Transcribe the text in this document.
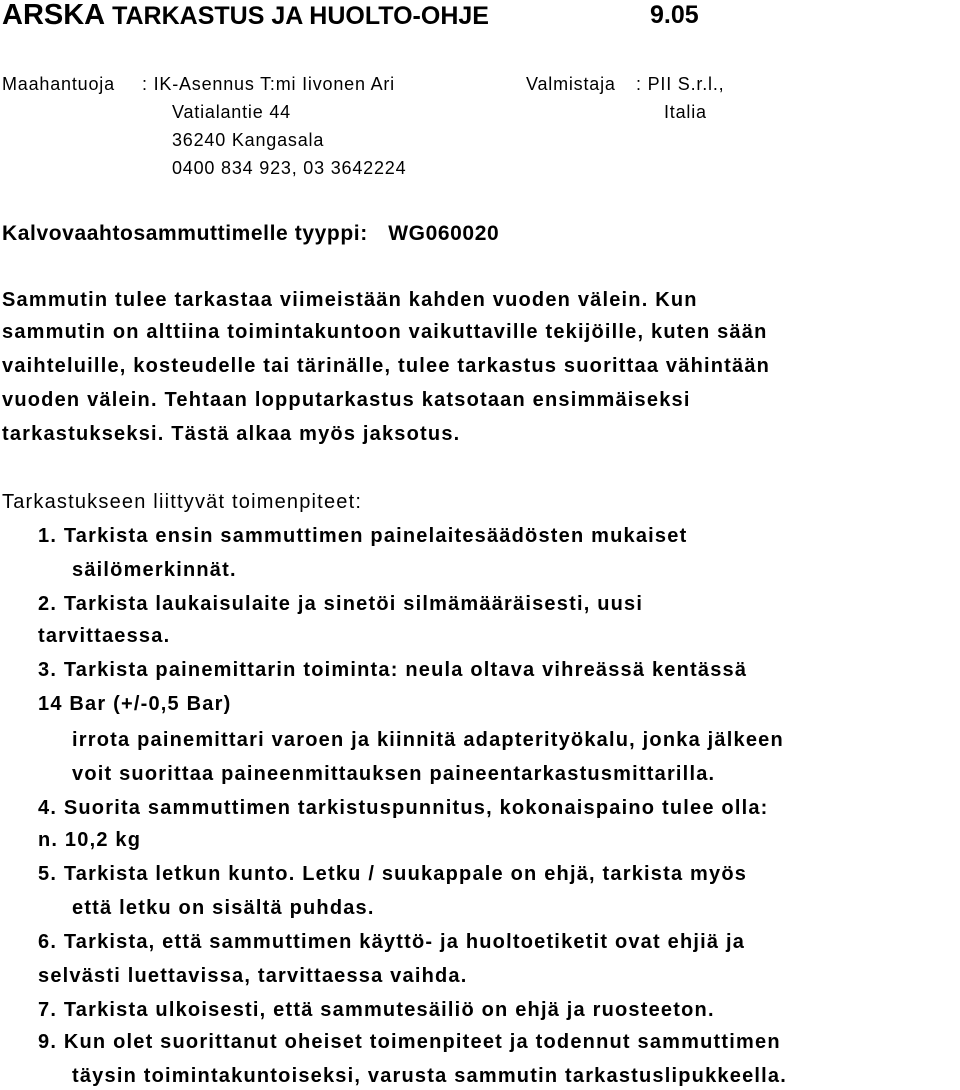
ARSKA TARKASTUS JA HUOLTO-OHJE	9.05
Maahantuoja : IK-Asennus T:mi Iivonen Ari
Vatialantie 44
36240 Kangasala
0400 834 923, 03 3642224
Valmistaja : PII S.r.l.,
Italia
Kalvovaahtosammuttimelle tyyppi: WG060020
Sammutin tulee tarkastaa viimeistään kahden vuoden välein. Kun
sammutin on alttiina toimintakuntoon vaikuttaville tekijöille, kuten sään
vaihteluille, kosteudelle tai tärinälle, tulee tarkastus suorittaa vähintään
vuoden välein. Tehtaan lopputarkastus katsotaan ensimmäiseksi
tarkastukseksi. Tästä alkaa myös jaksotus.
Tarkastukseen liittyvät toimenpiteet:
1. Tarkista ensin sammuttimen painelaitesäädösten mukaiset
säilömerkinnät.
2. Tarkista laukaisulaite ja sinetöi silmämääräisesti, uusi
tarvittaessa.
3. Tarkista painemittarin toiminta: neula oltava vihreässä kentässä
14 Bar (+/-0,5 Bar)
irrota painemittari varoen ja kiinnitä adapterityökalu, jonka jälkeen
voit suorittaa paineenmittauksen paineentarkastusmittarilla.
4. Suorita sammuttimen tarkistuspunnitus, kokonaispaino tulee olla:
n. 10,2 kg
5. Tarkista letkun kunto. Letku / suukappale on ehjä, tarkista myös
että letku on sisältä puhdas.
6. Tarkista, että sammuttimen käyttö- ja huoltoetiketit ovat ehjiä ja
selvästi luettavissa, tarvittaessa vaihda.
7. Tarkista ulkoisesti, että sammutesäiliö on ehjä ja ruosteeton.
9. Kun olet suorittanut oheiset toimenpiteet ja todennut sammuttimen
täysin toimintakuntoiseksi, varusta sammutin tarkastuslipukkeella.
